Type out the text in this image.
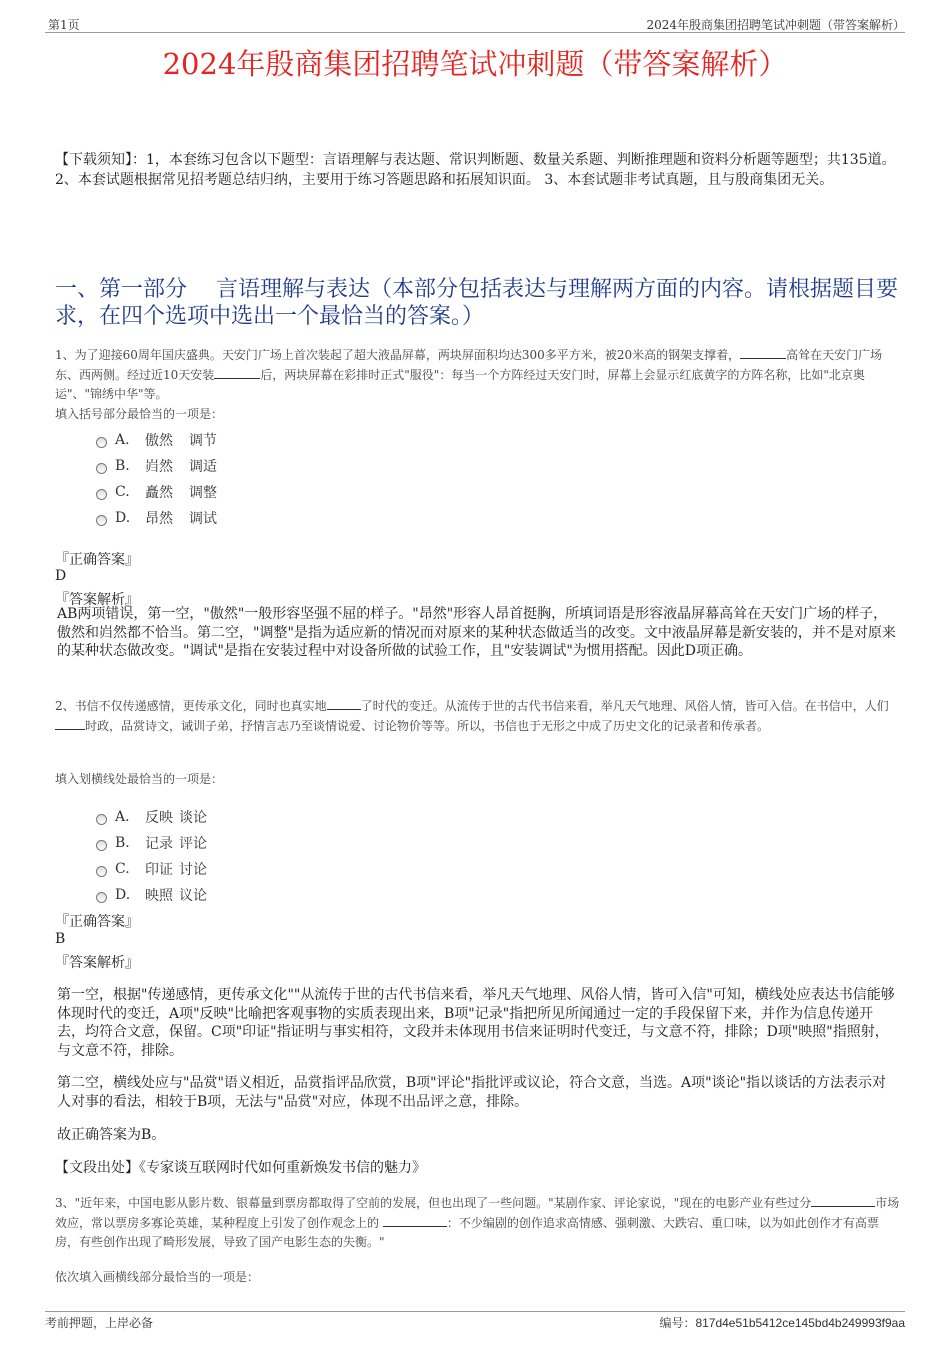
第1页	2024年殷商集团招聘笔试冲刺题（带答案解析）
2024年殷商集团招聘笔试冲刺题（带答案解析）
【下载须知】：1，本套练习包含以下题型：言语理解与表达题、常识判断题、数量关系题、判断推理题和资料分析题等题型；共135道。 2、本套试题根据常见招考题总结归纳，主要用于练习答题思路和拓展知识面。 3、本套试题非考试真题，且与殷商集团无关。
一、第一部分　 言语理解与表达（本部分包括表达与理解两方面的内容。请根据题目要求，在四个选项中选出一个最恰当的答案。）
1、为了迎接60周年国庆盛典。天安门广场上首次装起了超大液晶屏幕，两块屏面积均达300多平方米，被20米高的钢架支撑着，	高耸在天安门广场东、西两侧。经过近10天安装	后，两块屏幕在彩排时正式"服役"：每当一个方阵经过天安门时，屏幕上会显示红底黄字的方阵名称，比如"北京奥运"、"锦绣中华"等。
填入括号部分最恰当的一项是：
A.	傲然 调节
B.	岿然 调适
C.	矗然 调整
D.	昂然 调试
『正确答案』
D
『答案解析』
AB两项错误，第一空，"傲然"一般形容坚强不屈的样子。"昂然"形容人昂首挺胸，所填词语是形容液晶屏幕高耸在天安门广场的样子，傲然和岿然都不恰当。第二空，"调整"是指为适应新的情况而对原来的某种状态做适当的改变。文中液晶屏幕是新安装的，并不是对原来的某种状态做改变。"调试"是指在安装过程中对设备所做的试验工作，且"安装调试"为惯用搭配。因此D项正确。
2、书信不仅传递感情，更传承文化，同时也真实地	了时代的变迁。从流传于世的古代书信来看，举凡天气地理、风俗人情，皆可入信。在书信中，人们时政，品赏诗文，诫训子弟，抒情言志乃至谈情说爱、讨论物价等等。所以，书信也于无形之中成了历史文化的记录者和传承者。
填入划横线处最恰当的一项是：
A.	反映 谈论
B.	记录 评论
C.	印证 讨论
D.	映照 议论
『正确答案』
B
『答案解析』
第一空，根据"传递感情，更传承文化""从流传于世的古代书信来看，举凡天气地理、风俗人情，皆可入信"可知，横线处应表达书信能够体现时代的变迁，A项"反映"比喻把客观事物的实质表现出来，B项"记录"指把所见所闻通过一定的手段保留下来，并作为信息传递开去，均符合文意，保留。C项"印证"指证明与事实相符，文段并未体现用书信来证明时代变迁，与文意不符，排除；D项"映照"指照射，与文意不符，排除。
第二空，横线处应与"品赏"语义相近，品赏指评品欣赏，B项"评论"指批评或议论，符合文意，当选。A项"谈论"指以谈话的方法表示对人对事的看法，相较于B项，无法与"品赏"对应，体现不出品评之意，排除。
故正确答案为B。
【文段出处】《专家谈互联网时代如何重新焕发书信的魅力》
3、"近年来，中国电影从影片数、银幕量到票房都取得了空前的发展，但也出现了一些问题。"某剧作家、评论家说，"现在的电影产业有些过分	市场效应，常以票房多寡论英雄，某种程度上引发了创作观念上的	：不少编剧的创作追求高情感、强刺激、大跌宕、重口味，以为如此创作才有高票房，有些创作出现了畸形发展，导致了国产电影生态的失衡。"
依次填入画横线部分最恰当的一项是：
考前押题，上岸必备	编号：817d4e51b5412ce145bd4b249993f9aa
